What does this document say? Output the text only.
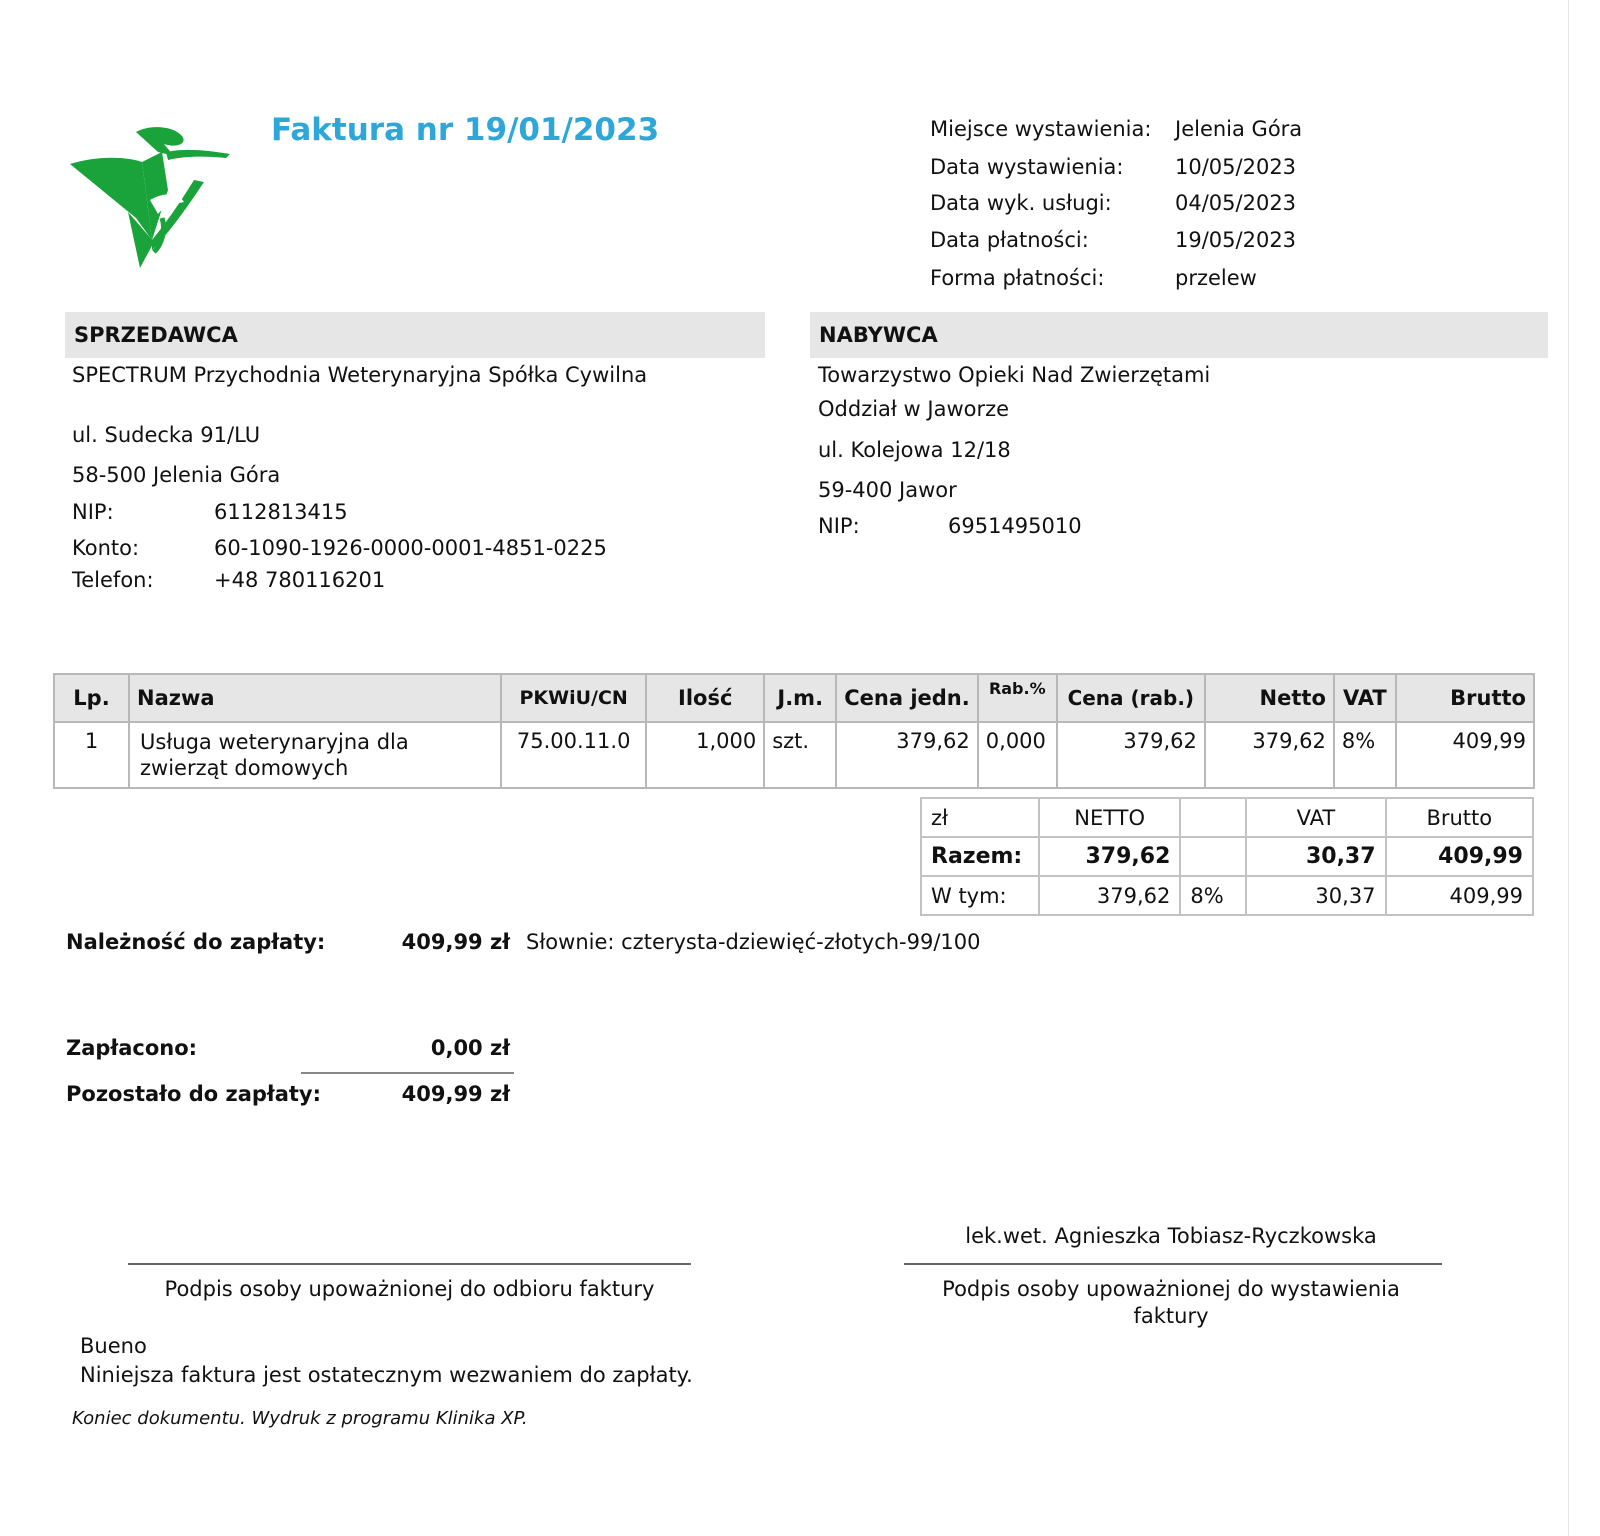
Faktura nr 19/01/2023	Miejsce wystawienia: Jelenia Góra
Data wystawienia: 10/05/2023
Data wyk. usługi:	04/05/2023
Data płatności:	19/05/2023
Forma płatności:	przelew
SPRZEDAWCA
SPECTRUM Przychodnia Weterynaryjna Spółka Cywilna
ul. Sudecka 91/LU
58-500 Jelenia Góra
NIP:	6112813415
Konto:	60-1090-1926-0000-0001-4851-0225
Telefon:	+48 780116201
NABYWCA
Towarzystwo Opieki Nad Zwierzętami
Oddział w Jaworze
ul. Kolejowa 12/18
59-400 Jawor
NIP:	6951495010
Lp.	Nazwa	PKWiU/CN	Ilość	J.m.	Cena jedn.	Rab.%	Cena (rab.)	Netto	VAT	Brutto
1	Usługa weterynaryjna dla
zwierząt domowych	75.00.11.0	1,000	szt.	379,62	0,000	379,62	379,62	8%	409,99
zł	NETTO		VAT	Brutto
Razem:	379,62		30,37	409,99
W tym:	379,62	8%	30,37	409,99
Należność do zapłaty:	409,99 zł Słownie: czterysta-dziewięć-złotych-99/100
Zapłacono:	0,00 zł
Pozostało do zapłaty:	409,99 zł
lek.wet. Agnieszka Tobiasz-Ryczkowska
Podpis osoby upoważnionej do odbioru faktury	Podpis osoby upoważnionej do wystawienia
faktury
Bueno
Niniejsza faktura jest ostatecznym wezwaniem do zapłaty.
Koniec dokumentu. Wydruk z programu Klinika XP.
